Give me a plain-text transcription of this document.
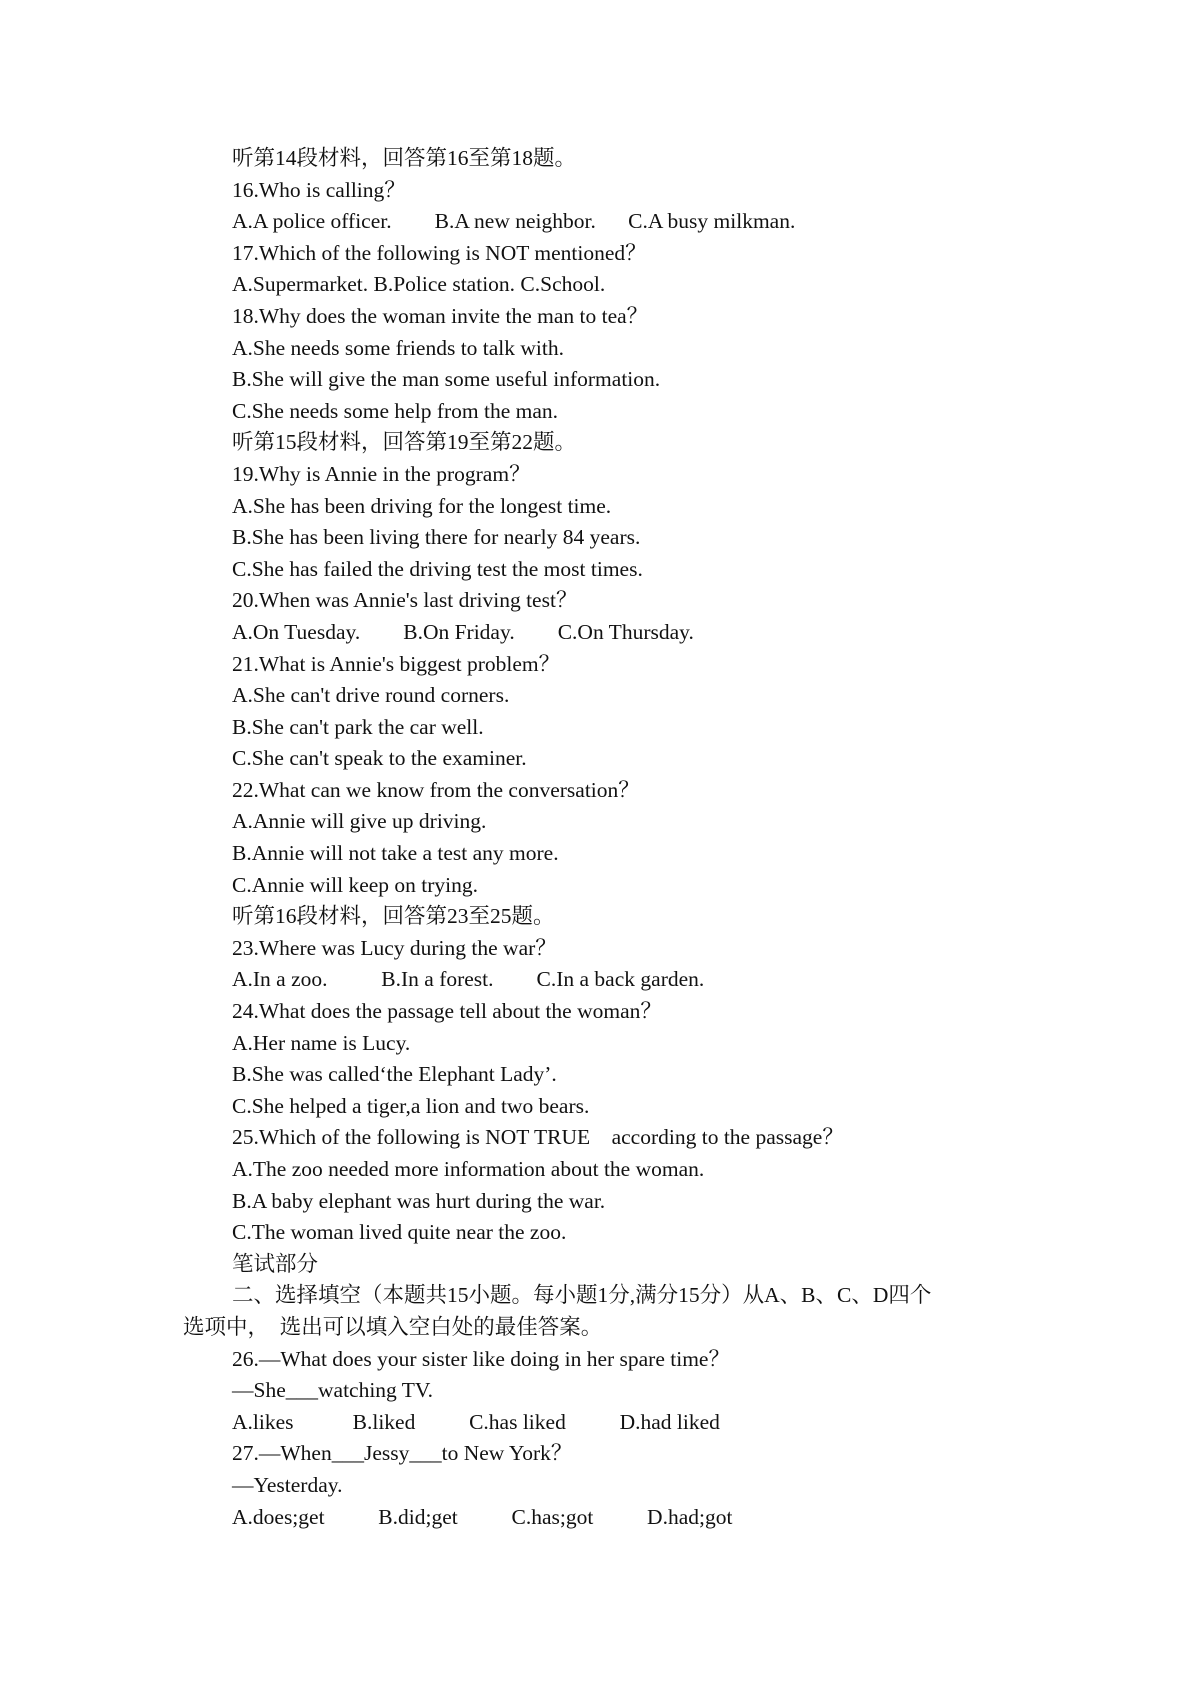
听第14段材料，回答第16至第18题。
16.Who is calling？
A.A police officer.        B.A new neighbor.      C.A busy milkman.
17.Which of the following is NOT mentioned？
A.Supermarket. B.Police station. C.School.
18.Why does the woman invite the man to tea？
A.She needs some friends to talk with.
B.She will give the man some useful information.
C.She needs some help from the man.
听第15段材料，回答第19至第22题。
19.Why is Annie in the program？
A.She has been driving for the longest time.
B.She has been living there for nearly 84 years.
C.She has failed the driving test the most times.
20.When was Annie's last driving test？
A.On Tuesday.        B.On Friday.        C.On Thursday.
21.What is Annie's biggest problem？
A.She can't drive round corners.
B.She can't park the car well.
C.She can't speak to the examiner.
22.What can we know from the conversation？
A.Annie will give up driving.
B.Annie will not take a test any more.
C.Annie will keep on trying.
听第16段材料，回答第23至25题。
23.Where was Lucy during the war？
A.In a zoo.          B.In a forest.        C.In a back garden.
24.What does the passage tell about the woman？
A.Her name is Lucy.
B.She was called‘the Elephant Lady’.
C.She helped a tiger,a lion and two bears.
25.Which of the following is NOT TRUE    according to the passage？
A.The zoo needed more information about the woman.
B.A baby elephant was hurt during the war.
C.The woman lived quite near the zoo.
笔试部分
二、选择填空（本题共15小题。每小题1分,满分15分）从A、B、C、D四个
选项中，  选出可以填入空白处的最佳答案。
26.—What does your sister like doing in her spare time？
—She___watching TV.
A.likes           B.liked          C.has liked          D.had liked
27.—When___Jessy___to New York？
—Yesterday.
A.does;get          B.did;get          C.has;got          D.had;got
